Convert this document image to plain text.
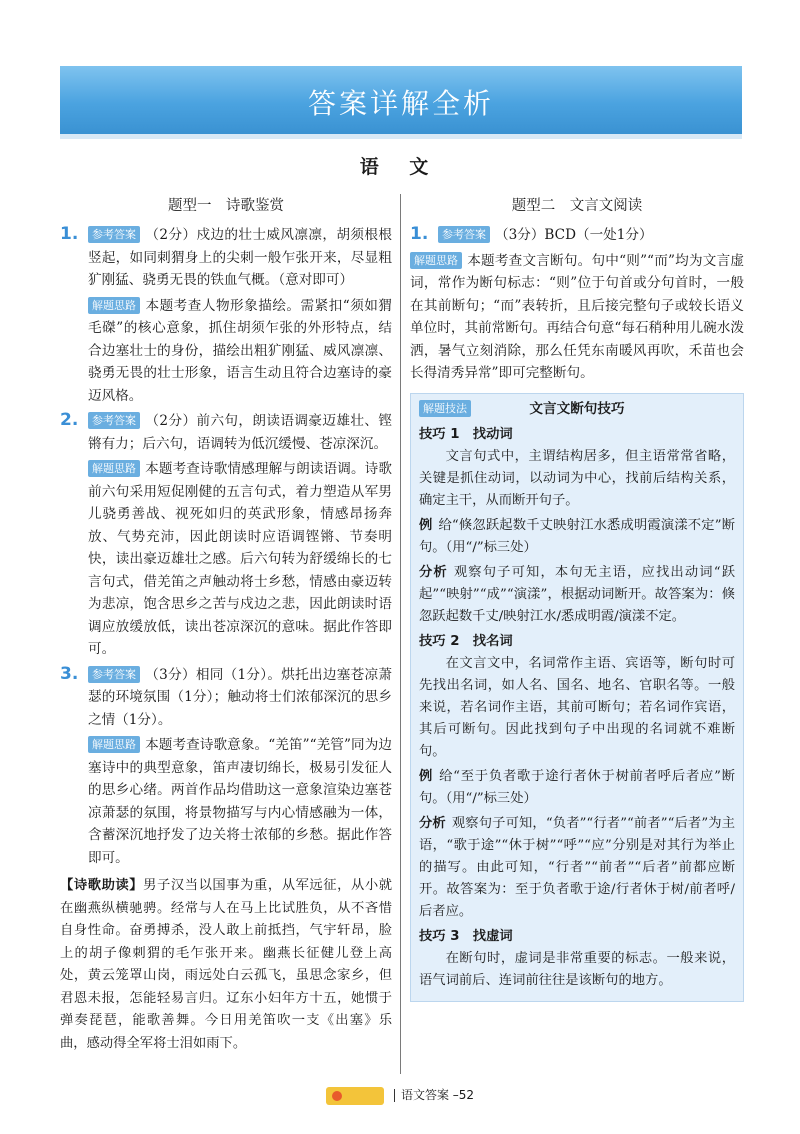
答案详解全析
语 文
题型一　诗歌鉴赏
1.	参考答案 （2分）戍边的壮士威风凛凛，胡须根根竖起，如同刺猬身上的尖刺一般乍张开来，尽显粗犷刚猛、骁勇无畏的铁血气概。（意对即可）

解题思路 本题考查人物形象描绘。需紧扣“须如猬毛磔”的核心意象，抓住胡须乍张的外形特点，结合边塞壮士的身份，描绘出粗犷刚猛、威风凛凛、骁勇无畏的壮士形象，语言生动且符合边塞诗的豪迈风格。

2.	参考答案 （2分）前六句，朗读语调豪迈雄壮、铿锵有力；后六句，语调转为低沉缓慢、苍凉深沉。

解题思路 本题考查诗歌情感理解与朗读语调。诗歌前六句采用短促刚健的五言句式，着力塑造从军男儿骁勇善战、视死如归的英武形象，情感昂扬奔放、气势充沛，因此朗读时应语调铿锵、节奏明快，读出豪迈雄壮之感。后六句转为舒缓绵长的七言句式，借羌笛之声触动将士乡愁，情感由豪迈转为悲凉，饱含思乡之苦与戍边之悲，因此朗读时语调应放缓放低，读出苍凉深沉的意味。据此作答即可。

3.	参考答案 （3分）相同（1分）。烘托出边塞苍凉萧瑟的环境氛围（1分）；触动将士们浓郁深沉的思乡之情（1分）。

解题思路 本题考查诗歌意象。“羌笛”“羌管”同为边塞诗中的典型意象，笛声凄切绵长，极易引发征人的思乡心绪。两首作品均借助这一意象渲染边塞苍凉萧瑟的氛围，将景物描写与内心情感融为一体，含蓄深沉地抒发了边关将士浓郁的乡愁。据此作答即可。

【诗歌助读】男子汉当以国事为重，从军远征，从小就在幽燕纵横驰骋。经常与人在马上比试胜负，从不吝惜自身性命。奋勇搏杀，没人敢上前抵挡，气宇轩昂，脸上的胡子像刺猬的毛乍张开来。幽燕长征健儿登上高处，黄云笼罩山岗，雨远处白云孤飞，虽思念家乡，但君恩未报，怎能轻易言归。辽东小妇年方十五，她惯于弹奏琵琶，能歌善舞。今日用羌笛吹一支《出塞》乐曲，感动得全军将士泪如雨下。
题型二　文言文阅读
1.	参考答案 （3分）BCD（一处1分）

解题思路 本题考查文言断句。句中“则”“而”均为文言虚词，常作为断句标志：“则”位于句首或分句首时，一般在其前断句；“而”表转折，且后接完整句子或较长语义单位时，其前常断句。再结合句意“每石稍种用儿碗水泼洒，暑气立刻消除，那么任凭东南暖风再吹，禾苗也会长得清秀异常”即可完整断句。

解题技法	文言文断句技巧
技巧 1　找动词

文言句式中，主谓结构居多，但主语常常省略，关键是抓住动词，以动词为中心，找前后结构关系，确定主干，从而断开句子。

例 给“倏忽跃起数千丈映射江水悉成明霞演漾不定”断句。（用“/”标三处）

分析 观察句子可知，本句无主语，应找出动词“跃起”“映射”“成”“演漾”，根据动词断开。故答案为：倏忽跃起数千丈/映射江水/悉成明霞/演漾不定。

技巧 2　找名词

在文言文中，名词常作主语、宾语等，断句时可先找出名词，如人名、国名、地名、官职名等。一般来说，若名词作主语，其前可断句；若名词作宾语，其后可断句。因此找到句子中出现的名词就不难断句。

例 给“至于负者歌于途行者休于树前者呼后者应”断句。（用“/”标三处）

分析 观察句子可知，“负者”“行者”“前者”“后者”为主语，“歌于途”“休于树”“呼”“应”分别是对其行为举止的描写。由此可知，“行者”“前者”“后者”前都应断开。故答案为：至于负者歌于途/行者休于树/前者呼/后者应。

技巧 3　找虚词

在断句时，虚词是非常重要的标志。一般来说，语气词前后、连词前往往是该断句的地方。

语文答案 –52
